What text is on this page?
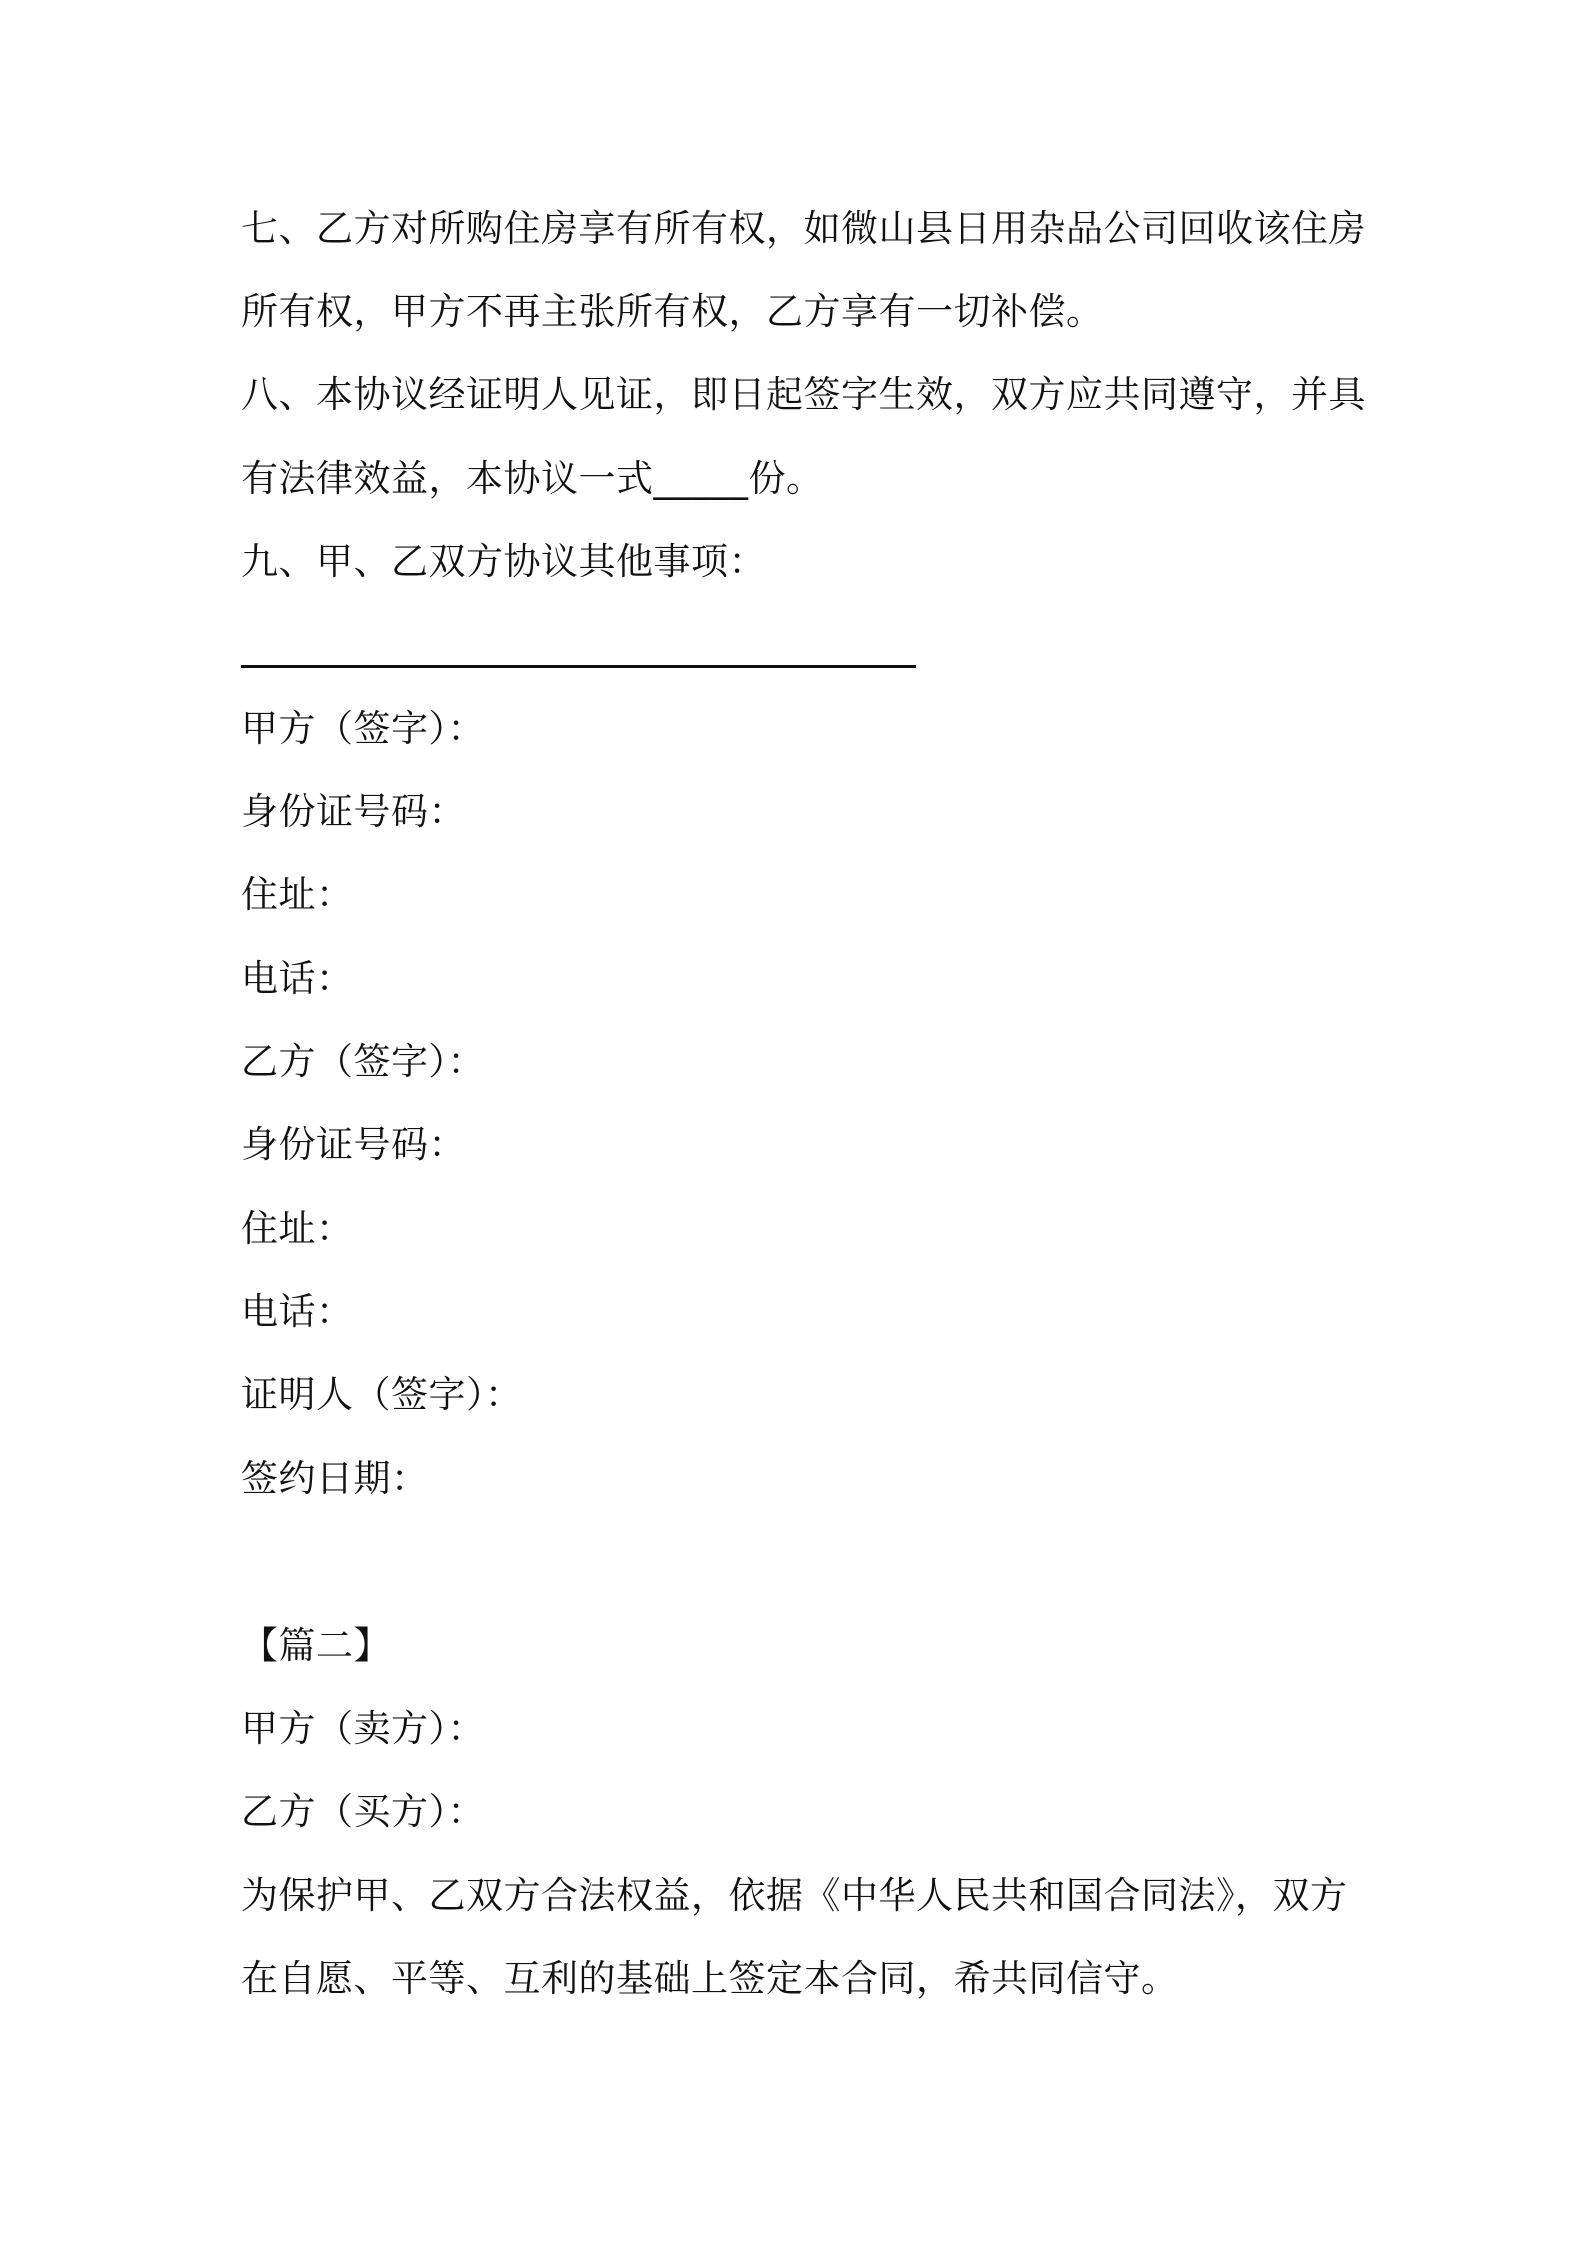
七、乙方对所购住房享有所有权，如微山县日用杂品公司回收该住房
所有权，甲方不再主张所有权，乙方享有一切补偿。
八、本协议经证明人见证，即日起签字生效，双方应共同遵守，并具
有法律效益，本协议一式_____份。
九、甲、乙双方协议其他事项：
甲方（签字）：
身份证号码：
住址：
电话：
乙方（签字）：
身份证号码：
住址：
电话：
证明人（签字）：
签约日期：
【篇二】
甲方（卖方）：
乙方（买方）：
为保护甲、乙双方合法权益，依据《中华人民共和国合同法》，双方
在自愿、平等、互利的基础上签定本合同，希共同信守。
